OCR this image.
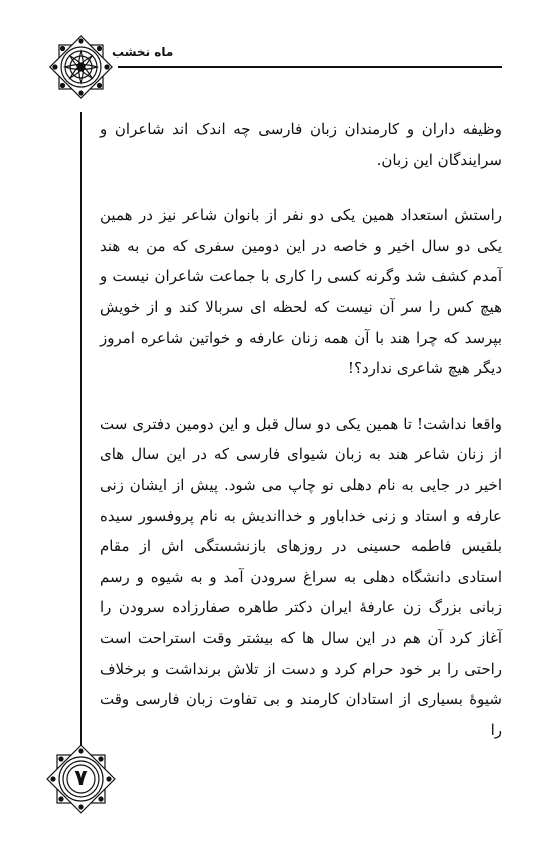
ماه نخشب

وظیفه داران و کارمندان زبان فارسی چه اندک اند شاعران و سرایندگان این زبان.

راستش استعداد همین یکی دو نفر از بانوان شاعر نیز در همین یکی دو سال اخیر و خاصه در این دومین سفری که من به هند آمدم کشف شد وگرنه کسی را کاری با جماعت شاعران نیست و هیچ کس را سر آن نیست که لحظه ای سربالا کند و از خویش بپرسد که چرا هند با آن همه زنان عارفه و خواتین شاعره امروز دیگر هیچ شاعری ندارد؟!

واقعا نداشت! تا همین یکی دو سال قبل و این دومین دفتری ست از زنان شاعر هند به زبان شیوای فارسی که در این سال های اخیر در جایی به نام دهلی نو چاپ می شود. پیش از ایشان زنی عارفه و استاد و زنی خداباور و خدااندیش به نام پروفسور سیده بلقیس فاطمه حسینی در روزهای بازنشستگی اش از مقام استادی دانشگاه دهلی به سراغ سرودن آمد و به شیوه و رسم زبانی بزرگ زن عارفهٔ ایران دکتر طاهره صفارزاده سرودن را آغاز کرد آن هم در این سال ها که بیشتر وقت استراحت است راحتی را بر خود حرام کرد و دست از تلاش برنداشت و برخلاف شیوهٔ بسیاری از استادان کارمند و بی تفاوت زبان فارسی وقت را

۷
